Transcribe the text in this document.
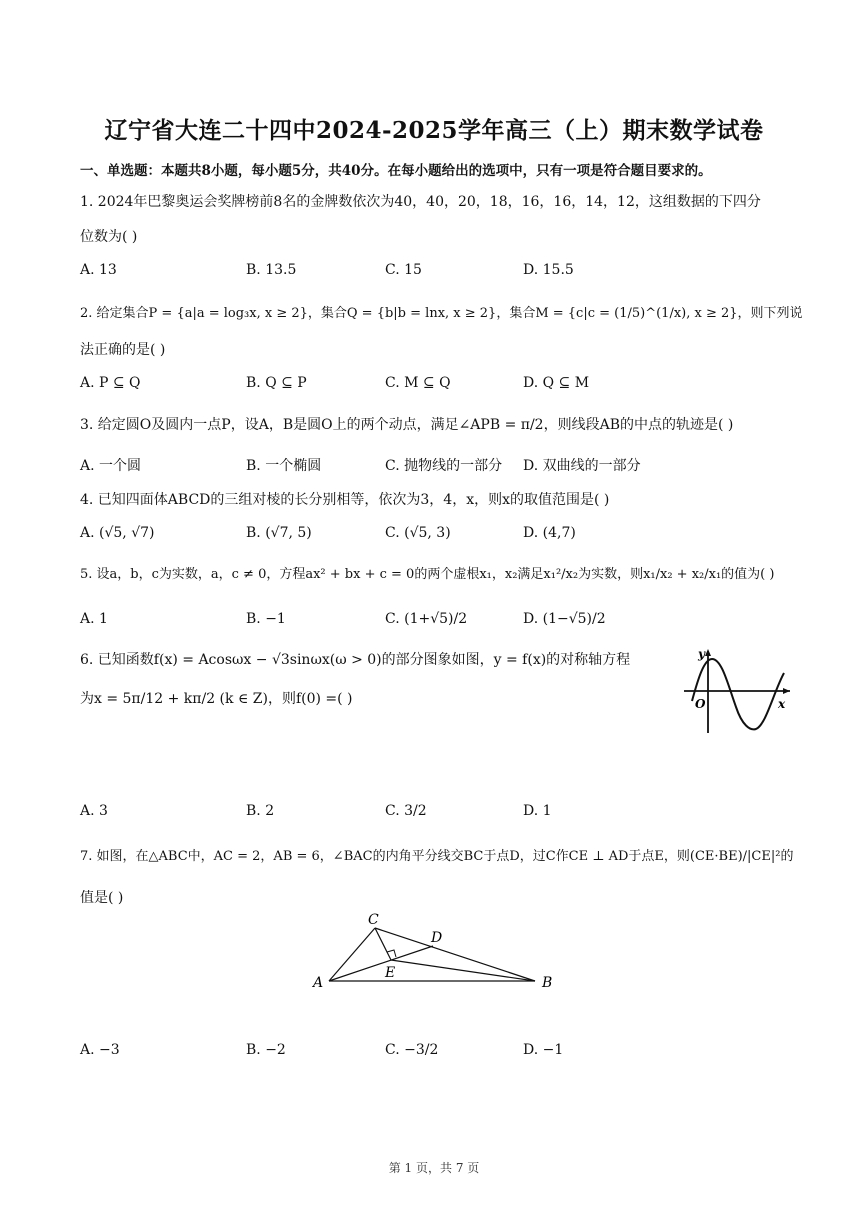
辽宁省大连二十四中2024-2025学年高三（上）期末数学试卷
一、单选题：本题共8小题，每小题5分，共40分。在每小题给出的选项中，只有一项是符合题目要求的。
1. 2024年巴黎奥运会奖牌榜前8名的金牌数依次为40，40，20，18，16，16，14，12，这组数据的下四分
位数为( )
A. 13	B. 13.5	C. 15	D. 15.5
2. 给定集合P = {a|a = log₃x, x ≥ 2}，集合Q = {b|b = lnx, x ≥ 2}，集合M = {c|c = (1/5)^(1/x), x ≥ 2}，则下列说
法正确的是( )
A. P ⊆ Q	B. Q ⊆ P	C. M ⊆ Q	D. Q ⊆ M
3. 给定圆O及圆内一点P，设A，B是圆O上的两个动点，满足∠APB = π/2，则线段AB的中点的轨迹是( )
A. 一个圆	B. 一个椭圆	C. 抛物线的一部分 D. 双曲线的一部分
4. 已知四面体ABCD的三组对棱的长分别相等，依次为3，4，x，则x的取值范围是( )
A. (√5, √7)	B. (√7, 5)	C. (√5, 3)	D. (4,7)
5. 设a，b，c为实数，a，c ≠ 0，方程ax² + bx + c = 0的两个虚根x₁，x₂满足x₁²/x₂为实数，则x₁/x₂ + x₂/x₁的值为( )
A. 1	B. −1	C. (1+√5)/2	D. (1−√5)/2
6. 已知函数f(x) = Acosωx − √3sinωx(ω > 0)的部分图象如图，y = f(x)的对称轴方程
为x = 5π/12 + kπ/2 (k ∈ Z)，则f(0) =( )
y
x
O
A. 3	B. 2	C. 3/2	D. 1
7. 如图，在△ABC中，AC = 2，AB = 6，∠BAC的内角平分线交BC于点D，过C作CE ⊥ AD于点E，则(CE·BE)/|CE|²的
值是( )
A	B
C
D
E
A. −3	B. −2	C. −3/2	D. −1
第 1 页，共 7 页
